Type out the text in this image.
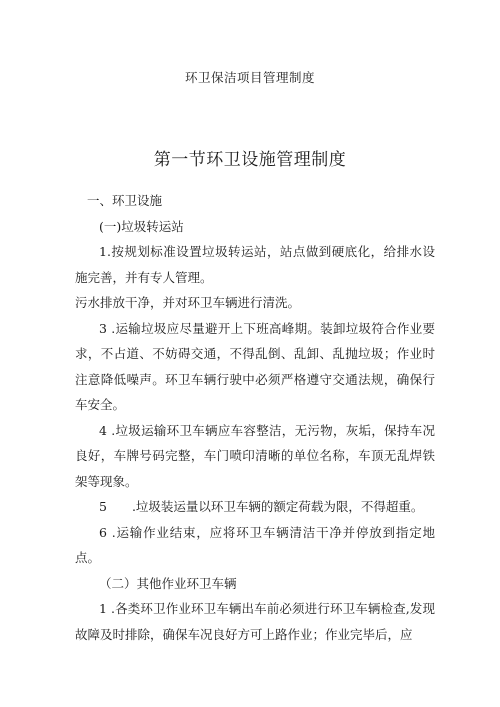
环卫保洁项目管理制度
第一节环卫设施管理制度

一、环卫设施

(一)垃圾转运站

1.按规划标准设置垃圾转运站，站点做到硬底化，给排水设施完善，并有专人管理。

污水排放干净，并对环卫车辆进行清洗。

3 .运输垃圾应尽量避开上下班高峰期。装卸垃圾符合作业要求，不占道、不妨碍交通，不得乱倒、乱卸、乱抛垃圾；作业时注意降低噪声。环卫车辆行驶中必须严格遵守交通法规，确保行车安全。

4 .垃圾运输环卫车辆应车容整洁，无污物，灰垢，保持车况良好，车牌号码完整，车门喷印清晰的单位名称，车顶无乱焊铁架等现象。

5　　.垃圾装运量以环卫车辆的额定荷载为限，不得超重。

6 .运输作业结束，应将环卫车辆清洁干净并停放到指定地点。

（二）其他作业环卫车辆

1 .各类环卫作业环卫车辆出车前必须进行环卫车辆检查,发现故障及时排除，确保车况良好方可上路作业；作业完毕后，应
